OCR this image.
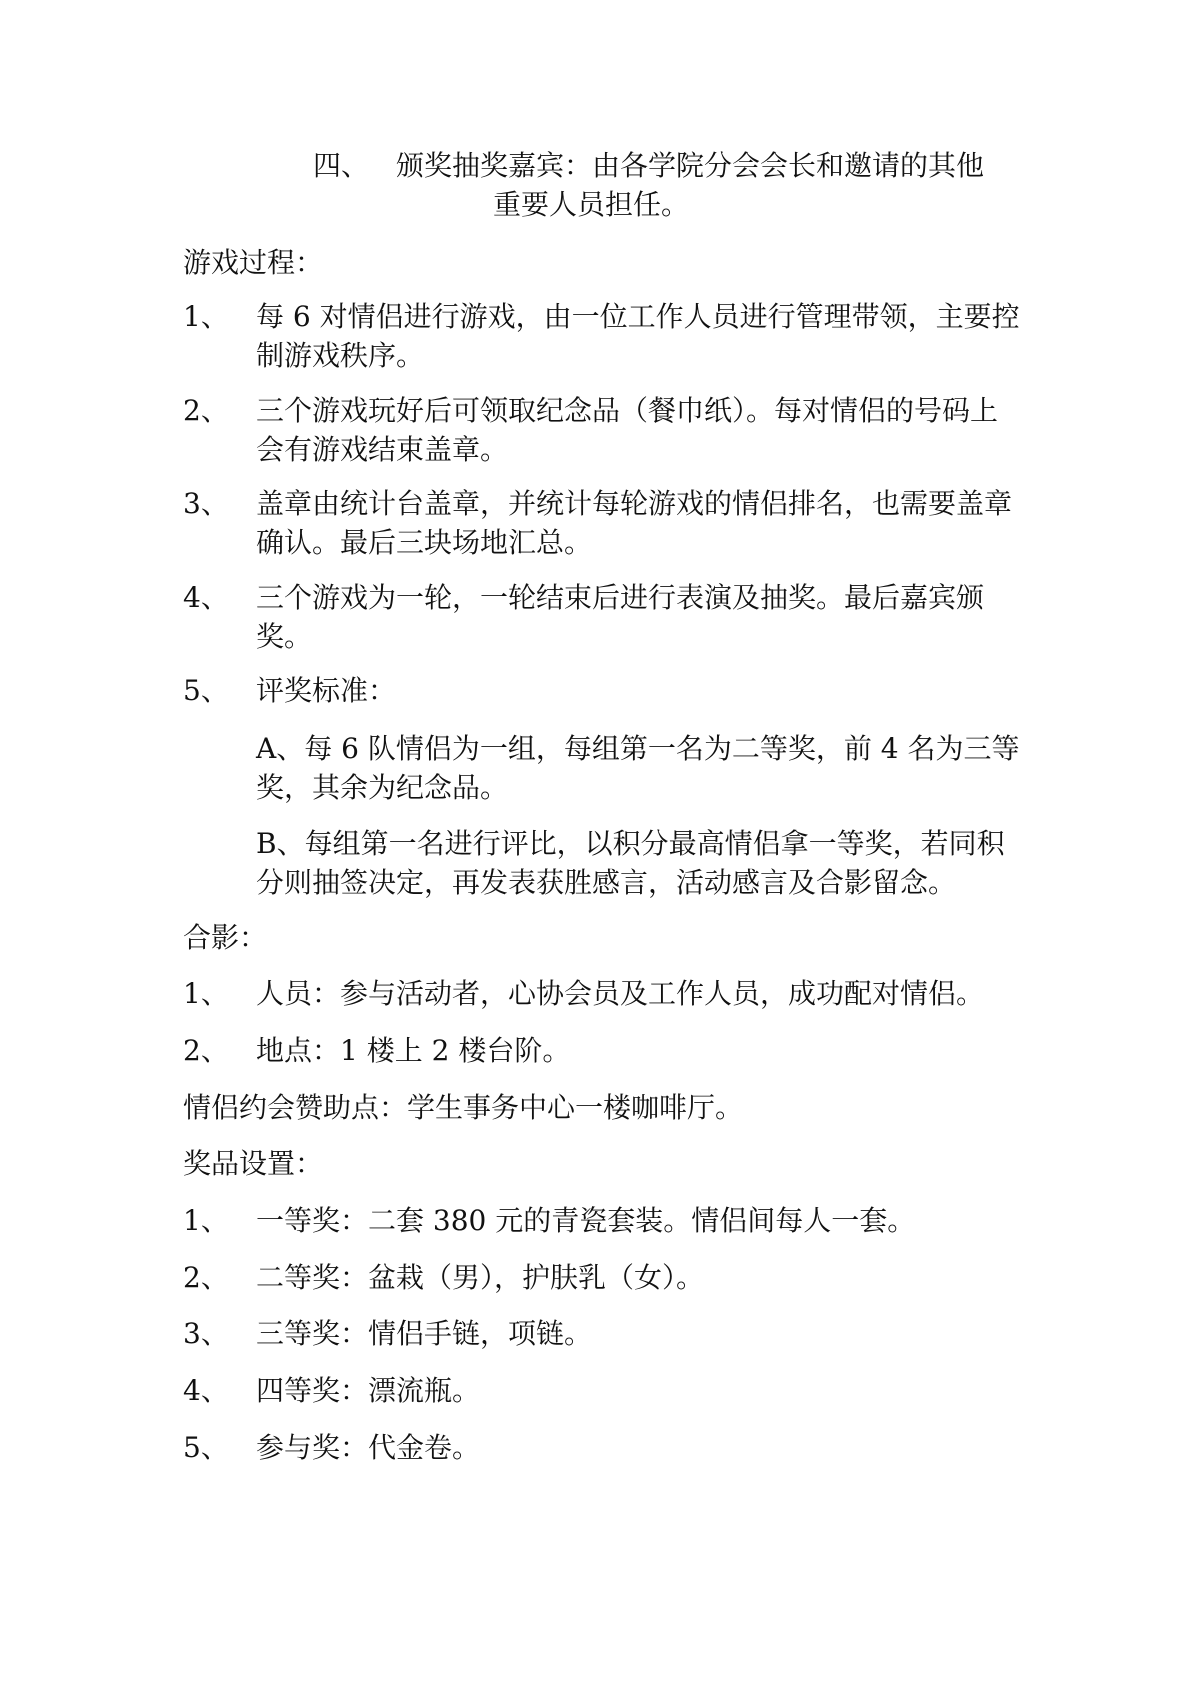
四、 颁奖抽奖嘉宾：由各学院分会会长和邀请的其他
重要人员担任。
游戏过程：
1、 每 6 对情侣进行游戏，由一位工作人员进行管理带领，主要控
制游戏秩序。
2、 三个游戏玩好后可领取纪念品（餐巾纸）。每对情侣的号码上
会有游戏结束盖章。
3、 盖章由统计台盖章，并统计每轮游戏的情侣排名，也需要盖章
确认。最后三块场地汇总。
4、 三个游戏为一轮，一轮结束后进行表演及抽奖。最后嘉宾颁
奖。
5、 评奖标准：
A、每 6 队情侣为一组，每组第一名为二等奖，前 4 名为三等
奖，其余为纪念品。
B、每组第一名进行评比，以积分最高情侣拿一等奖，若同积
分则抽签决定，再发表获胜感言，活动感言及合影留念。
合影：
1、 人员：参与活动者，心协会员及工作人员，成功配对情侣。
2、 地点：1 楼上 2 楼台阶。
情侣约会赞助点：学生事务中心一楼咖啡厅。
奖品设置：
1、 一等奖：二套 380 元的青瓷套装。情侣间每人一套。
2、 二等奖：盆栽（男），护肤乳（女）。
3、 三等奖：情侣手链，项链。
4、 四等奖：漂流瓶。
5、 参与奖：代金卷。
